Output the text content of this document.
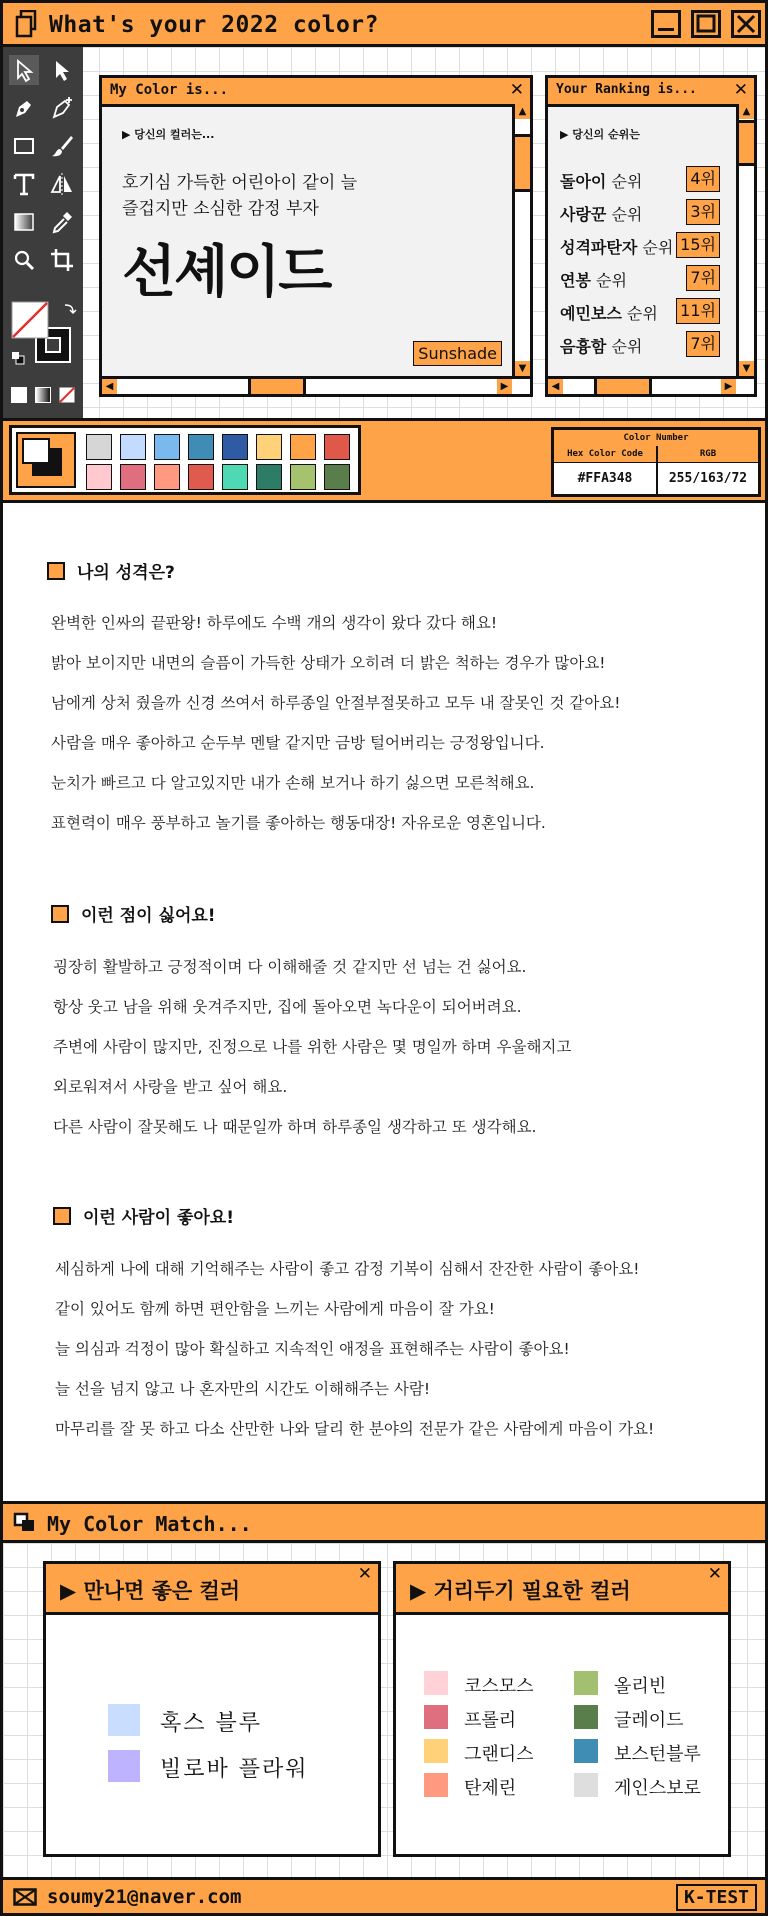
What's your 2022 color?
My Color is...	✕
▶ 당신의 컬러는...
호기심 가득한 어린아이 같이 늘
즐겁지만 소심한 감정 부자
선셰이드
Sunshade
▲
▼
◀	▶
Your Ranking is... ✕
▶ 당신의 순위는
돌아이 순위	4위
사랑꾼 순위	3위
성격파탄자 순위 15위
연봉 순위	7위
예민보스 순위 11위
음흉함 순위	7위
▲
▼
◀	▶
Color Number
Hex Color Code	RGB
#FFA348	255/163/72
나의 성격은?
완벽한 인싸의 끝판왕! 하루에도 수백 개의 생각이 왔다 갔다 해요!
밝아 보이지만 내면의 슬픔이 가득한 상태가 오히려 더 밝은 척하는 경우가 많아요!
남에게 상처 줬을까 신경 쓰여서 하루종일 안절부절못하고 모두 내 잘못인 것 같아요!
사람을 매우 좋아하고 순두부 멘탈 같지만 금방 털어버리는 긍정왕입니다.
눈치가 빠르고 다 알고있지만 내가 손해 보거나 하기 싫으면 모른척해요.
표현력이 매우 풍부하고 놀기를 좋아하는 행동대장! 자유로운 영혼입니다.
이런 점이 싫어요!
굉장히 활발하고 긍정적이며 다 이해해줄 것 같지만 선 넘는 건 싫어요.
항상 웃고 남을 위해 웃겨주지만, 집에 돌아오면 녹다운이 되어버려요.
주변에 사람이 많지만, 진정으로 나를 위한 사람은 몇 명일까 하며 우울해지고
외로워져서 사랑을 받고 싶어 해요.
다른 사람이 잘못해도 나 때문일까 하며 하루종일 생각하고 또 생각해요.
이런 사람이 좋아요!
세심하게 나에 대해 기억해주는 사람이 좋고 감정 기복이 심해서 잔잔한 사람이 좋아요!
같이 있어도 함께 하면 편안함을 느끼는 사람에게 마음이 잘 가요!
늘 의심과 걱정이 많아 확실하고 지속적인 애정을 표현해주는 사람이 좋아요!
늘 선을 넘지 않고 나 혼자만의 시간도 이해해주는 사람!
마무리를 잘 못 하고 다소 산만한 나와 달리 한 분야의 전문가 같은 사람에게 마음이 가요!
My Color Match...
▶ 만나면 좋은 컬러
✕
혹스 블루
빌로바 플라워
▶ 거리두기 필요한 컬러
✕
코스모스	올리빈
프롤리	글레이드
그랜디스	보스턴블루
탄제린	게인스보로
soumy21@naver.com	K-TEST
